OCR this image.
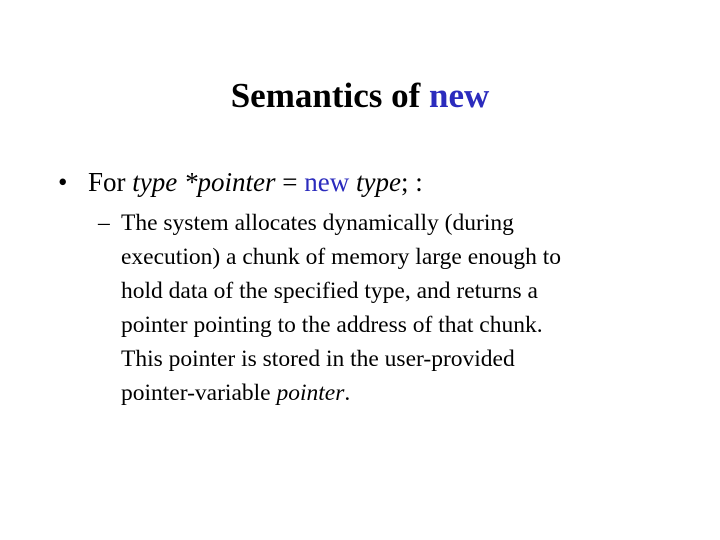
Semantics of new
• For type *pointer = new type; :
– The system allocates dynamically (during
execution) a chunk of memory large enough to
hold data of the specified type, and returns a
pointer pointing to the address of that chunk.
This pointer is stored in the user-provided
pointer-variable pointer.
